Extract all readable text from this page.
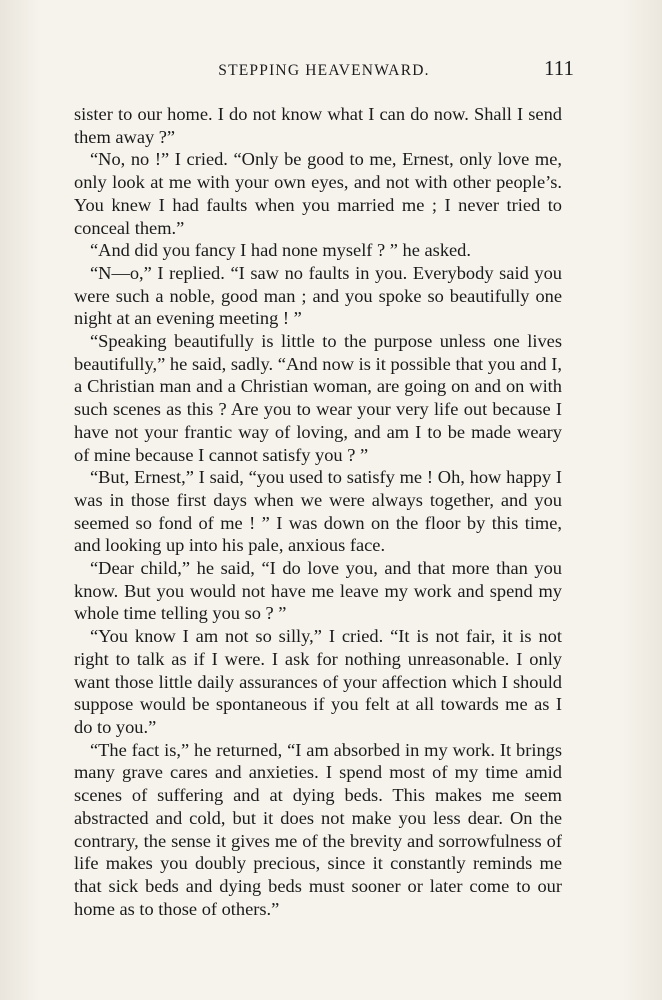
STEPPING HEAVENWARD.	111

sister to our home. I do not know what I can do now. Shall I send them away ?”

“No, no !” I cried. “Only be good to me, Ernest, only love me, only look at me with your own eyes, and not with other people’s. You knew I had faults when you married me ; I never tried to conceal them.”

“And did you fancy I had none myself ? ” he asked.

“N—o,” I replied. “I saw no faults in you. Everybody said you were such a noble, good man ; and you spoke so beautifully one night at an evening meeting ! ”

“Speaking beautifully is little to the purpose unless one lives beautifully,” he said, sadly. “And now is it possible that you and I, a Christian man and a Christian woman, are going on and on with such scenes as this ? Are you to wear your very life out because I have not your frantic way of loving, and am I to be made weary of mine because I cannot satisfy you ? ”

“But, Ernest,” I said, “you used to satisfy me ! Oh, how happy I was in those first days when we were always together, and you seemed so fond of me ! ” I was down on the floor by this time, and looking up into his pale, anxious face.

“Dear child,” he said, “I do love you, and that more than you know. But you would not have me leave my work and spend my whole time telling you so ? ”

“You know I am not so silly,” I cried. “It is not fair, it is not right to talk as if I were. I ask for nothing unreasonable. I only want those little daily assurances of your affection which I should suppose would be spontaneous if you felt at all towards me as I do to you.”

“The fact is,” he returned, “I am absorbed in my work. It brings many grave cares and anxieties. I spend most of my time amid scenes of suffering and at dying beds. This makes me seem abstracted and cold, but it does not make you less dear. On the contrary, the sense it gives me of the brevity and sorrowfulness of life makes you doubly precious, since it constantly reminds me that sick beds and dying beds must sooner or later come to our home as to those of others.”
